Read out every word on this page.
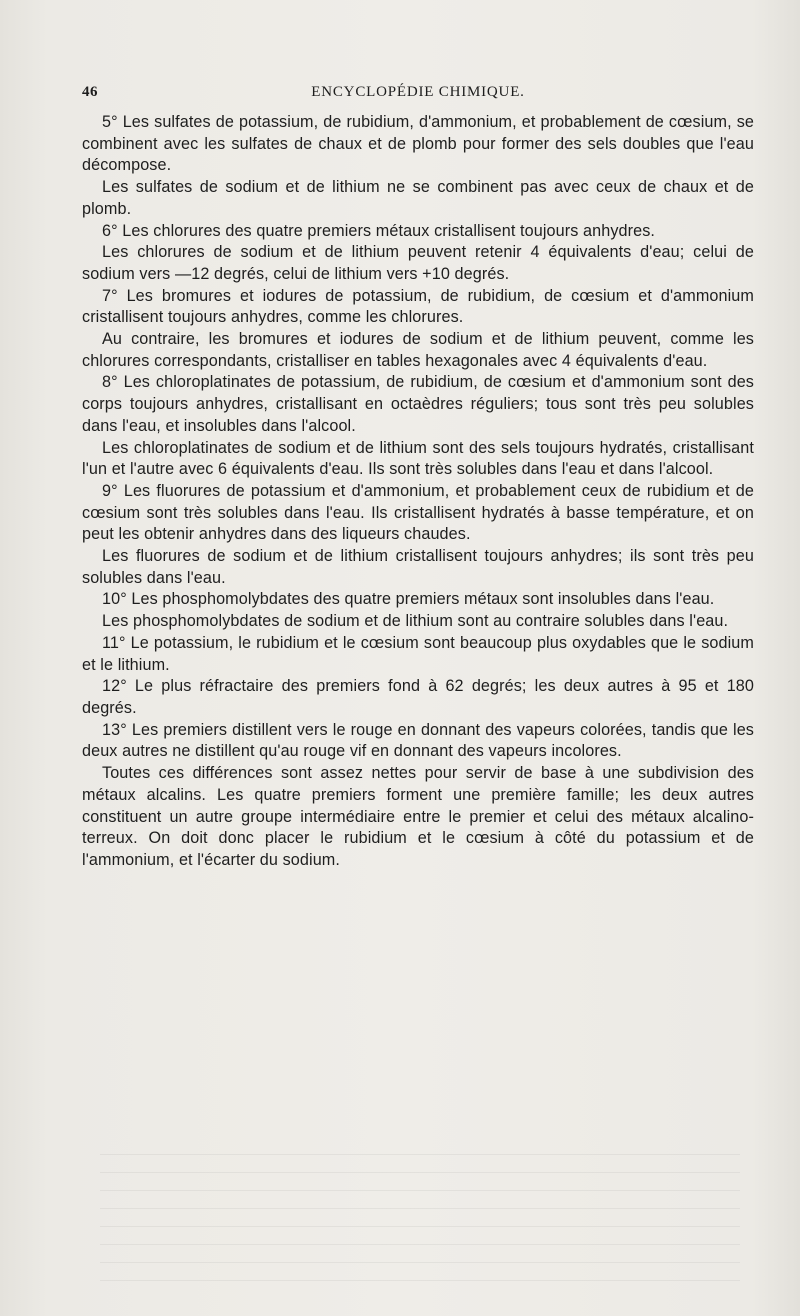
46	ENCYCLOPÉDIE CHIMIQUE.

5° Les sulfates de potassium, de rubidium, d'ammonium, et probablement de cœsium, se combinent avec les sulfates de chaux et de plomb pour former des sels doubles que l'eau décompose.

Les sulfates de sodium et de lithium ne se combinent pas avec ceux de chaux et de plomb.

6° Les chlorures des quatre premiers métaux cristallisent toujours anhydres.

Les chlorures de sodium et de lithium peuvent retenir 4 équivalents d'eau; celui de sodium vers —12 degrés, celui de lithium vers +10 degrés.

7° Les bromures et iodures de potassium, de rubidium, de cœsium et d'ammonium cristallisent toujours anhydres, comme les chlorures.

Au contraire, les bromures et iodures de sodium et de lithium peuvent, comme les chlorures correspondants, cristalliser en tables hexagonales avec 4 équivalents d'eau.

8° Les chloroplatinates de potassium, de rubidium, de cœsium et d'ammonium sont des corps toujours anhydres, cristallisant en octaèdres réguliers; tous sont très peu solubles dans l'eau, et insolubles dans l'alcool.

Les chloroplatinates de sodium et de lithium sont des sels toujours hydratés, cristallisant l'un et l'autre avec 6 équivalents d'eau. Ils sont très solubles dans l'eau et dans l'alcool.

9° Les fluorures de potassium et d'ammonium, et probablement ceux de rubidium et de cœsium sont très solubles dans l'eau. Ils cristallisent hydratés à basse température, et on peut les obtenir anhydres dans des liqueurs chaudes.

Les fluorures de sodium et de lithium cristallisent toujours anhydres; ils sont très peu solubles dans l'eau.

10° Les phosphomolybdates des quatre premiers métaux sont insolubles dans l'eau.

Les phosphomolybdates de sodium et de lithium sont au contraire solubles dans l'eau.

11° Le potassium, le rubidium et le cœsium sont beaucoup plus oxydables que le sodium et le lithium.

12° Le plus réfractaire des premiers fond à 62 degrés; les deux autres à 95 et 180 degrés.

13° Les premiers distillent vers le rouge en donnant des vapeurs colorées, tandis que les deux autres ne distillent qu'au rouge vif en donnant des vapeurs incolores.

Toutes ces différences sont assez nettes pour servir de base à une subdivision des métaux alcalins. Les quatre premiers forment une première famille; les deux autres constituent un autre groupe intermédiaire entre le premier et celui des métaux alcalino-terreux. On doit donc placer le rubidium et le cœsium à côté du potassium et de l'ammonium, et l'écarter du sodium.
